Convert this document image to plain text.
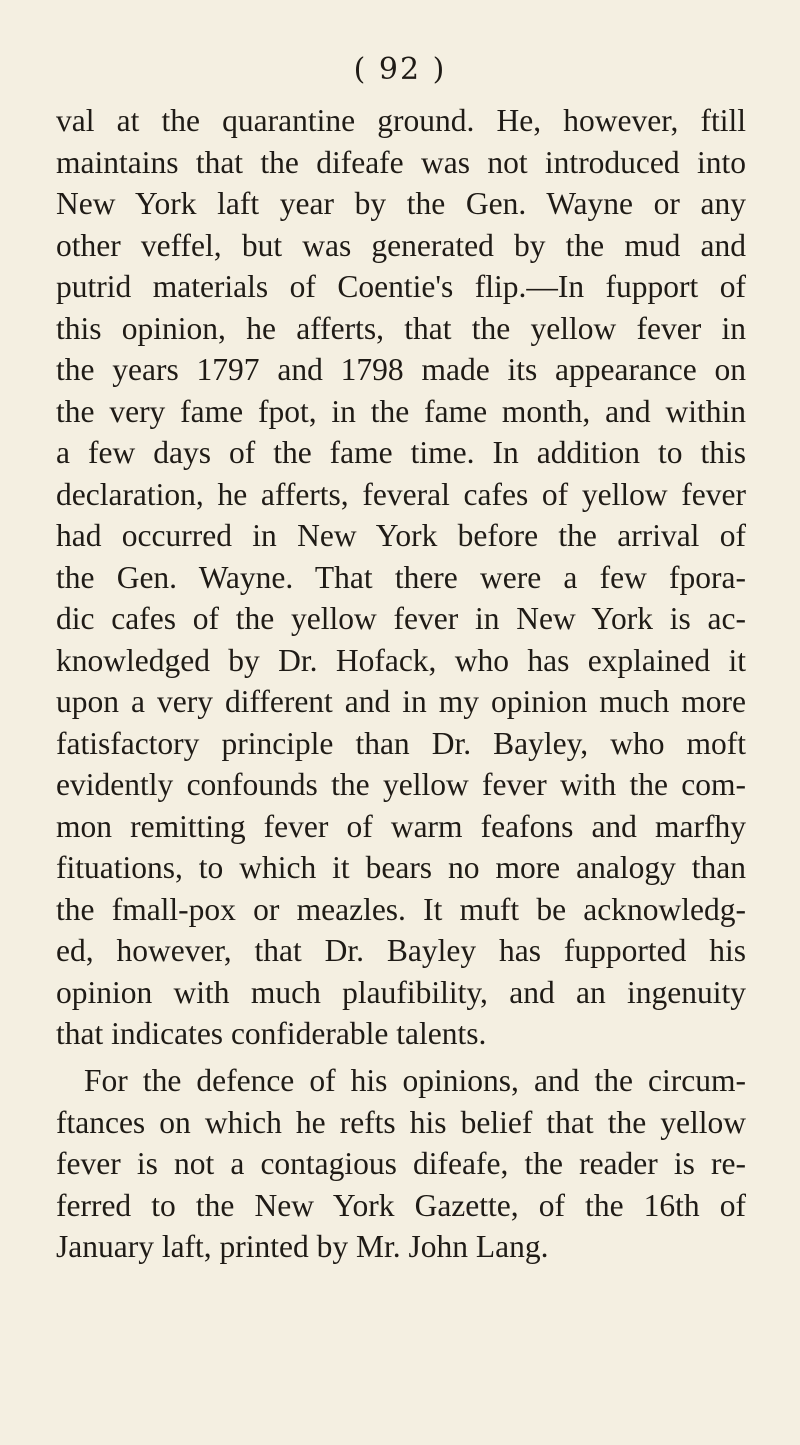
( 92 )
val at the quarantine ground. He, however, ftill
maintains that the difeafe was not introduced into
New York laft year by the Gen. Wayne or any
other veffel, but was generated by the mud and
putrid materials of Coentie's flip.—In fupport of
this opinion, he afferts, that the yellow fever in
the years 1797 and 1798 made its appearance on
the very fame fpot, in the fame month, and within
a few days of the fame time. In addition to this
declaration, he afferts, feveral cafes of yellow fever
had occurred in New York before the arrival of
the Gen. Wayne. That there were a few fpora-
dic cafes of the yellow fever in New York is ac-
knowledged by Dr. Hofack, who has explained it
upon a very different and in my opinion much more
fatisfactory principle than Dr. Bayley, who moft
evidently confounds the yellow fever with the com-
mon remitting fever of warm feafons and marfhy
fituations, to which it bears no more analogy than
the fmall-pox or meazles. It muft be acknowledg-
ed, however, that Dr. Bayley has fupported his
opinion with much plaufibility, and an ingenuity
that indicates confiderable talents.
For the defence of his opinions, and the circum-
ftances on which he refts his belief that the yellow
fever is not a contagious difeafe, the reader is re-
ferred to the New York Gazette, of the 16th of
January laft, printed by Mr. John Lang.
